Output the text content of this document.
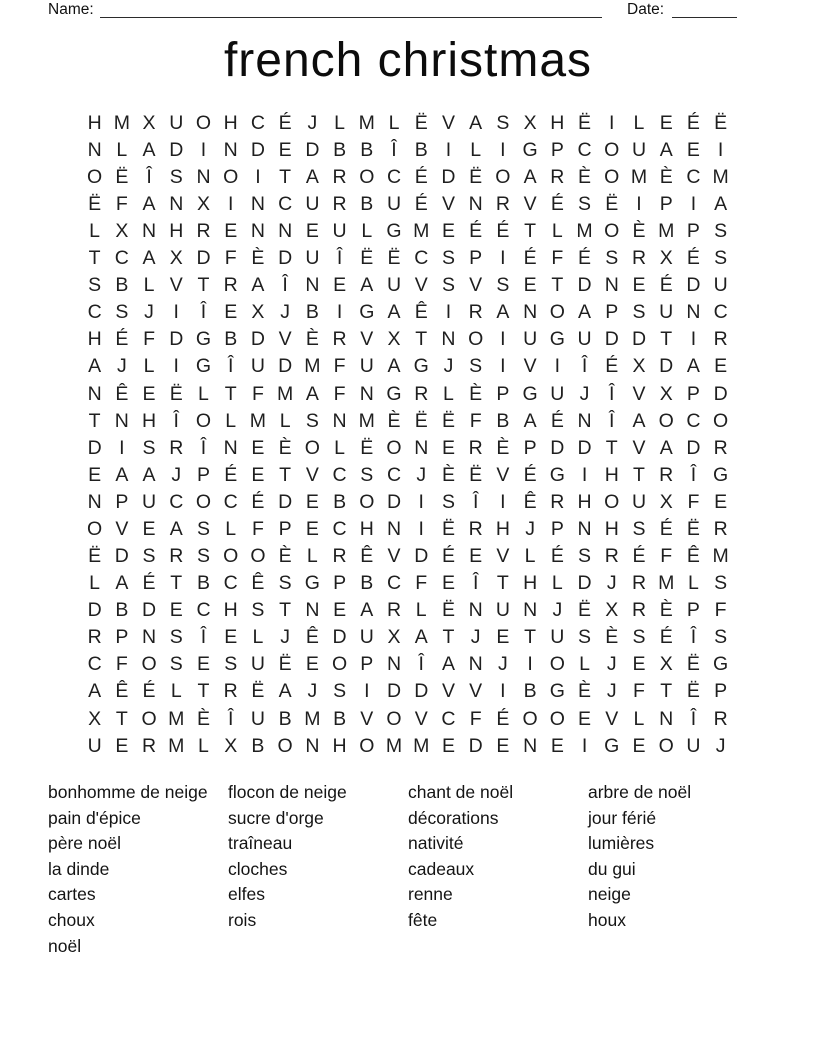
Name:	Date:
french christmas
H M X U O H C É J L M L Ë V A S X H Ë I L E É Ë
N L A D I N D E D B B Î B I L I G P C O U A E I
O Ë Î S N O I T A R O C É D Ë O A R È O M È C M
Ë F A N X I N C U R B U É V N R V É S Ë I P I A
L X N H R E N N E U L G M E É É T L M O È M P S
T C A X D F È D U Î Ë Ë C S P I É F É S R X É S
S B L V T R A Î N E A U V S V S E T D N E É D U
C S J	I	Î E X J B I G A Ê I R A N O A P S U N C
H É F D G B D V È R V X T N O I U G U D D T I R
A J L I G Î U D M F U A G J S I V I	Î É X D A E
N Ê E Ë L T F M A F N G R L È P G U J	Î V X P D
T N H Î O L M L S N M È Ë Ë F B A É N Î A O C O
D I S R Î N E È O L Ë O N E R È P D D T V A D R
E A A J P É E T V C S C J È Ë V É G I H T R Î G
N P U C O C É D E B O D I S Î	I Ê R H O U X F E
O V E A S L F P E C H N I Ë R H J P N H S É Ë R
Ë D S R S O O È L R Ê V D É E V L É S R É F Ê M
L A É T B C Ê S G P B C F E Î T H L D J R M L S
D B D E C H S T N E A R L Ë N U N J Ë X R È P F
R P N S Î E L J Ê D U X A T J E T U S È S É Î S
C F O S E S U Ë E O P N Î A N J	I O L J E X Ë G
A Ê É L T R Ë A J S I D D V V I B G È J F T Ë P
X T O M È Î U B M B V O V C F É O O E V L N Î R
U E R M L X B O N H O M M E D E N E I G E O U J
bonhomme de neige
pain d'épice
père noël
la dinde
cartes
choux
noël
flocon de neige
sucre d'orge
traîneau
cloches
elfes
rois
chant de noël
décorations
nativité
cadeaux
renne
fête
arbre de noël
jour férié
lumières
du gui
neige
houx
